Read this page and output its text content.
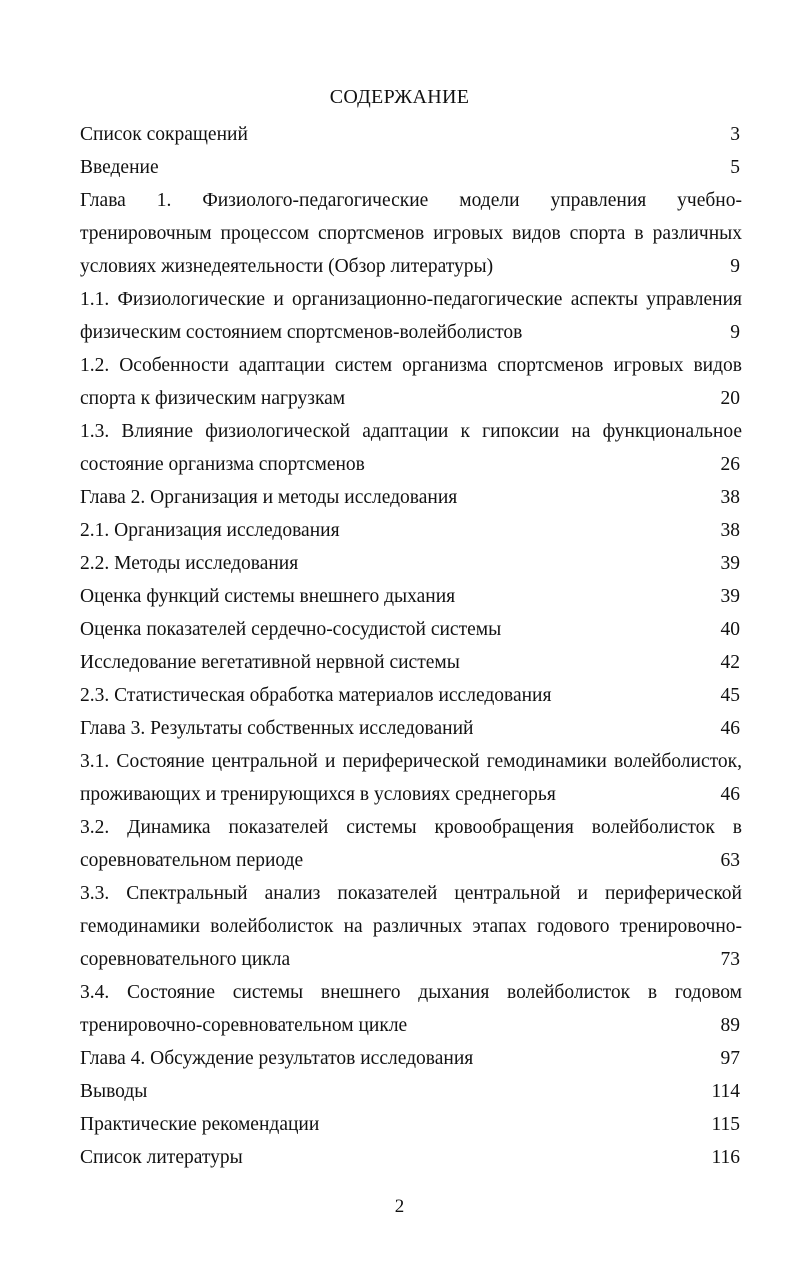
СОДЕРЖАНИЕ
Список сокращений	3
Введение	5
Глава 1. Физиолого-педагогические модели управления учебно-
тренировочным процессом спортсменов игровых видов спорта в различных
условиях жизнедеятельности (Обзор литературы)	9
1.1. Физиологические и организационно-педагогические аспекты управления
физическим состоянием спортсменов-волейболистов	9
1.2. Особенности адаптации систем организма спортсменов игровых видов
спорта к физическим нагрузкам	20
1.3. Влияние физиологической адаптации к гипоксии на функциональное
состояние организма спортсменов	26
Глава 2. Организация и методы исследования	38
2.1. Организация исследования	38
2.2. Методы исследования	39
Оценка функций системы внешнего дыхания	39
Оценка показателей сердечно-сосудистой системы	40
Исследование вегетативной нервной системы	42
2.3. Статистическая обработка материалов исследования	45
Глава 3. Результаты собственных исследований	46
3.1. Состояние центральной и периферической гемодинамики волейболисток,
проживающих и тренирующихся в условиях среднегорья	46
3.2. Динамика показателей системы кровообращения волейболисток в
соревновательном периоде	63
3.3. Спектральный анализ показателей центральной и периферической
гемодинамики волейболисток на различных этапах годового тренировочно-
соревновательного цикла	73
3.4. Состояние системы внешнего дыхания волейболисток в годовом
тренировочно-соревновательном цикле	89
Глава 4. Обсуждение результатов исследования	97
Выводы	114
Практические рекомендации	115
Список литературы	116
2
